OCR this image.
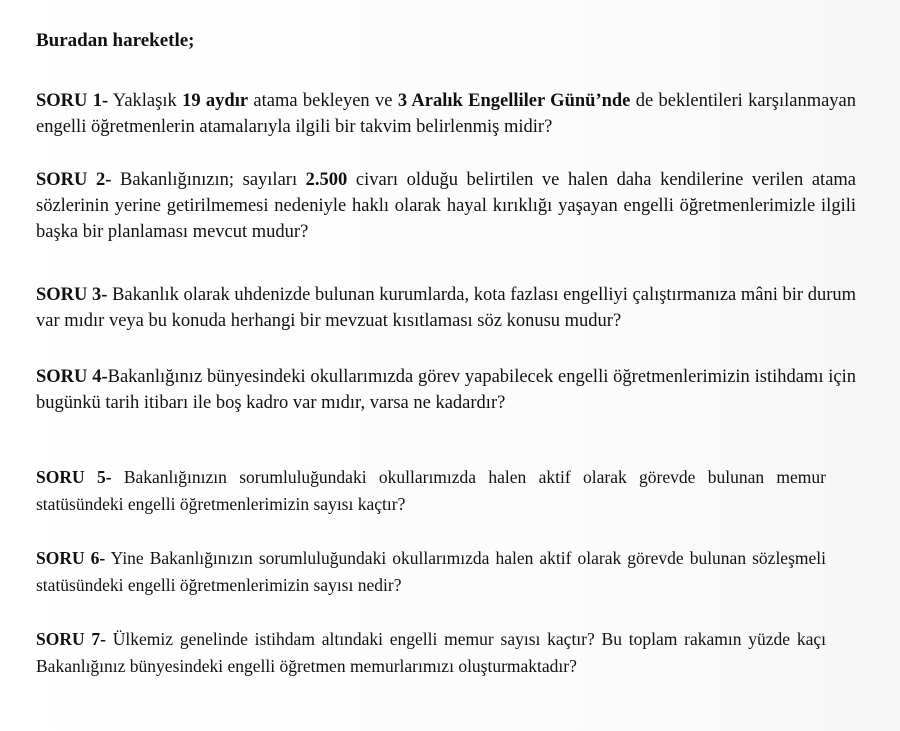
Buradan hareketle;

SORU 1- Yaklaşık 19 aydır atama bekleyen ve 3 Aralık Engelliler Günü’nde de beklentileri karşılanmayan engelli öğretmenlerin atamalarıyla ilgili bir takvim belirlenmiş midir?

SORU 2- Bakanlığınızın; sayıları 2.500 civarı olduğu belirtilen ve halen daha kendilerine verilen atama sözlerinin yerine getirilmemesi nedeniyle haklı olarak hayal kırıklığı yaşayan engelli öğretmenlerimizle ilgili başka bir planlaması mevcut mudur?

SORU 3- Bakanlık olarak uhdenizde bulunan kurumlarda, kota fazlası engelliyi çalıştırmanıza mâni bir durum var mıdır veya bu konuda herhangi bir mevzuat kısıtlaması söz konusu mudur?

SORU 4-Bakanlığınız bünyesindeki okullarımızda görev yapabilecek engelli öğretmenlerimizin istihdamı için bugünkü tarih itibarı ile boş kadro var mıdır, varsa ne kadardır?

SORU 5- Bakanlığınızın sorumluluğundaki okullarımızda halen aktif olarak görevde bulunan memur statüsündeki engelli öğretmenlerimizin sayısı kaçtır?

SORU 6- Yine Bakanlığınızın sorumluluğundaki okullarımızda halen aktif olarak görevde bulunan sözleşmeli statüsündeki engelli öğretmenlerimizin sayısı nedir?

SORU 7- Ülkemiz genelinde istihdam altındaki engelli memur sayısı kaçtır? Bu toplam rakamın yüzde kaçı Bakanlığınız bünyesindeki engelli öğretmen memurlarımızı oluşturmaktadır?
